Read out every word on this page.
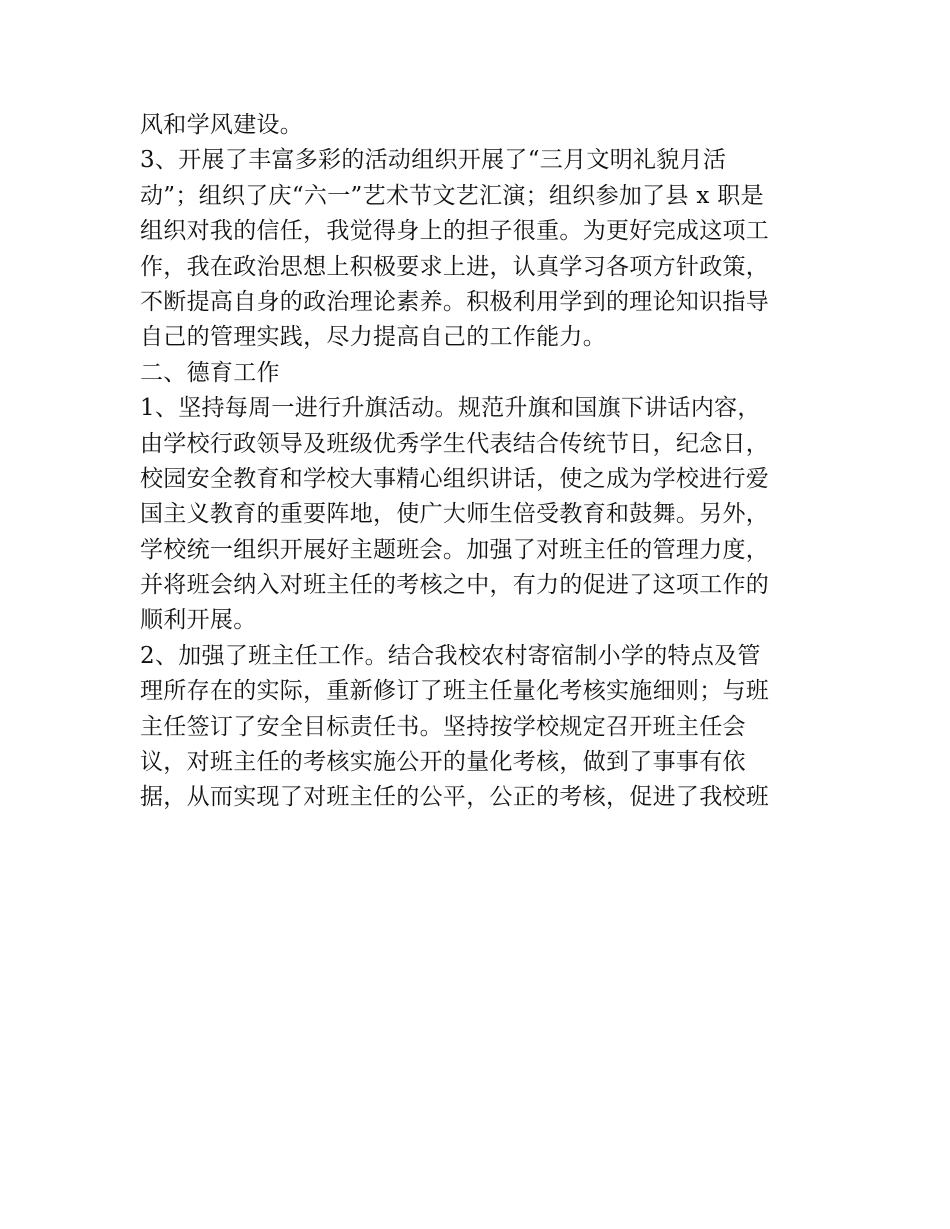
风和学风建设。
3、开展了丰富多彩的活动组织开展了“三月文明礼貌月活
动”；组织了庆“六一”艺术节文艺汇演；组织参加了县 x 职是
组织对我的信任，我觉得身上的担子很重。为更好完成这项工
作，我在政治思想上积极要求上进，认真学习各项方针政策，
不断提高自身的政治理论素养。积极利用学到的理论知识指导
自己的管理实践，尽力提高自己的工作能力。
二、德育工作
1、坚持每周一进行升旗活动。规范升旗和国旗下讲话内容，
由学校行政领导及班级优秀学生代表结合传统节日，纪念日，
校园安全教育和学校大事精心组织讲话，使之成为学校进行爱
国主义教育的重要阵地，使广大师生倍受教育和鼓舞。另外，
学校统一组织开展好主题班会。加强了对班主任的管理力度，
并将班会纳入对班主任的考核之中，有力的促进了这项工作的
顺利开展。
2、加强了班主任工作。结合我校农村寄宿制小学的特点及管
理所存在的实际，重新修订了班主任量化考核实施细则；与班
主任签订了安全目标责任书。坚持按学校规定召开班主任会
议，对班主任的考核实施公开的量化考核，做到了事事有依
据，从而实现了对班主任的公平，公正的考核，促进了我校班
